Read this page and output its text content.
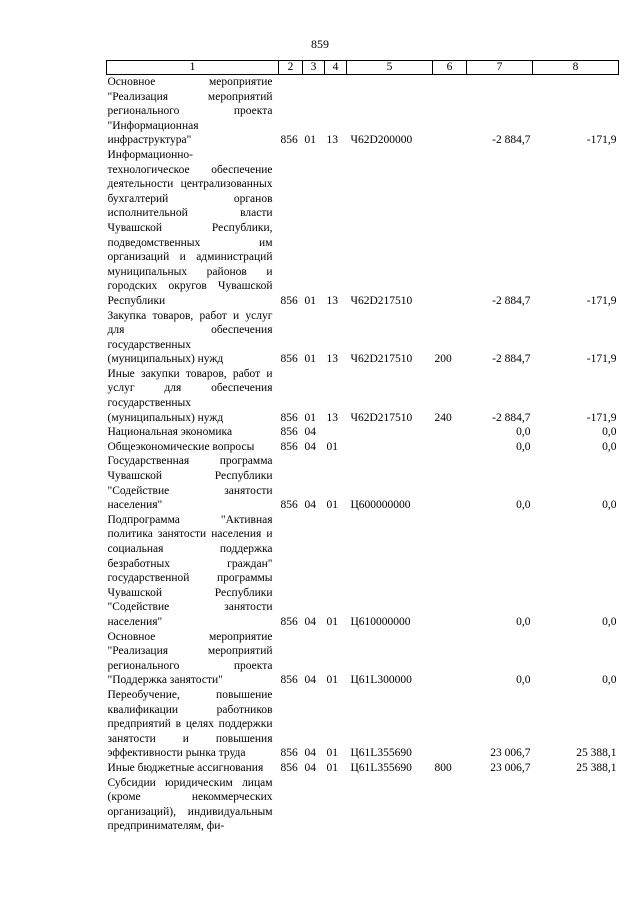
859
1	2	3	4	5	6	7	8
Основное мероприятие "Реализация мероприятий регионального проекта "Информационная инфраструктура"	856	01	13	Ч62D200000		-2 884,7	-171,9
Информационно-технологическое обеспечение деятельности централизованных бухгалтерий органов исполнительной власти Чувашской Республики, подведомственных им организаций и администраций муниципальных районов и городских округов Чувашской Республики	856	01	13	Ч62D217510		-2 884,7	-171,9
Закупка товаров, работ и услуг для обеспечения государственных (муниципальных) нужд	856	01	13	Ч62D217510	200	-2 884,7	-171,9
Иные закупки товаров, работ и услуг для обеспечения государственных (муниципальных) нужд	856	01	13	Ч62D217510	240	-2 884,7	-171,9
Национальная экономика	856	04				0,0	0,0
Общеэкономические вопросы	856	04	01			0,0	0,0
Государственная программа Чувашской Республики "Содействие занятости населения"	856	04	01	Ц600000000		0,0	0,0
Подпрограмма "Активная политика занятости населения и социальная поддержка безработных граждан" государственной программы Чувашской Республики "Содействие занятости населения"	856	04	01	Ц610000000		0,0	0,0
Основное мероприятие "Реализация мероприятий регионального проекта "Поддержка занятости"	856	04	01	Ц61L300000		0,0	0,0
Переобучение, повышение квалификации работников предприятий в целях поддержки занятости и повышения эффективности рынка труда	856	04	01	Ц61L355690		23 006,7	25 388,1
Иные бюджетные ассигнования	856	04	01	Ц61L355690	800	23 006,7	25 388,1
Субсидии юридическим лицам (кроме некоммерческих организаций), индивидуальным предпринимателям, фи-							
